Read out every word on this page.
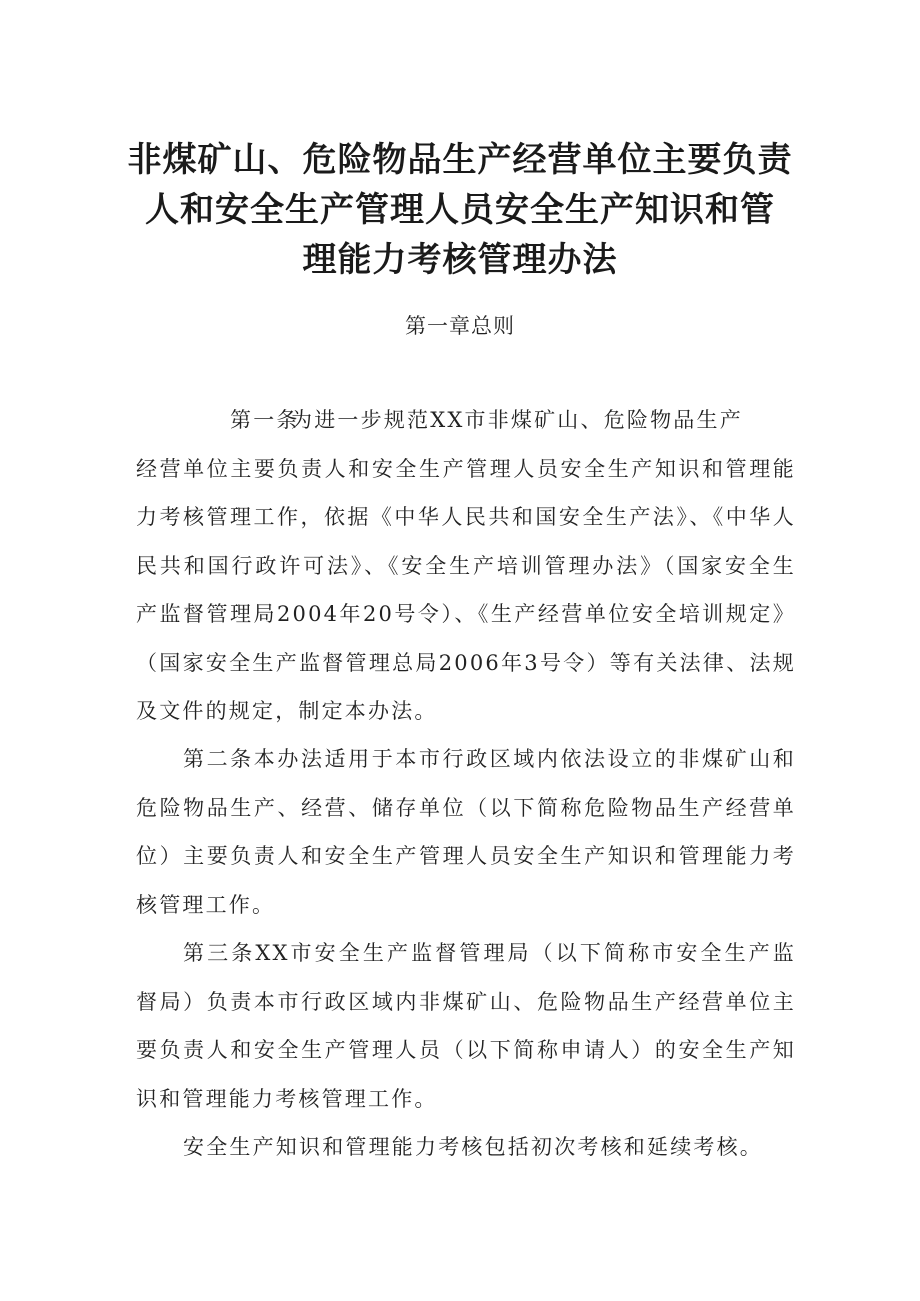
非煤矿山、危险物品生产经营单位主要负责
人和安全生产管理人员安全生产知识和管
理能力考核管理办法
第一章总则

第一条为进一步规范XX市非煤矿山、危险物品生产
经营单位主要负责人和安全生产管理人员安全生产知识和管理能力考核管理工作，依据《中华人民共和国安全生产法》、《中华人民共和国行政许可法》、《安全生产培训管理办法》（国家安全生产监督管理局2004年20号令）、《生产经营单位安全培训规定》（国家安全生产监督管理总局2006年3号令）等有关法律、法规及文件的规定，制定本办法。

第二条本办法适用于本市行政区域内依法设立的非煤矿山和危险物品生产、经营、储存单位（以下简称危险物品生产经营单位）主要负责人和安全生产管理人员安全生产知识和管理能力考核管理工作。

第三条XX市安全生产监督管理局（以下简称市安全生产监督局）负责本市行政区域内非煤矿山、危险物品生产经营单位主要负责人和安全生产管理人员（以下简称申请人）的安全生产知识和管理能力考核管理工作。

安全生产知识和管理能力考核包括初次考核和延续考核。
